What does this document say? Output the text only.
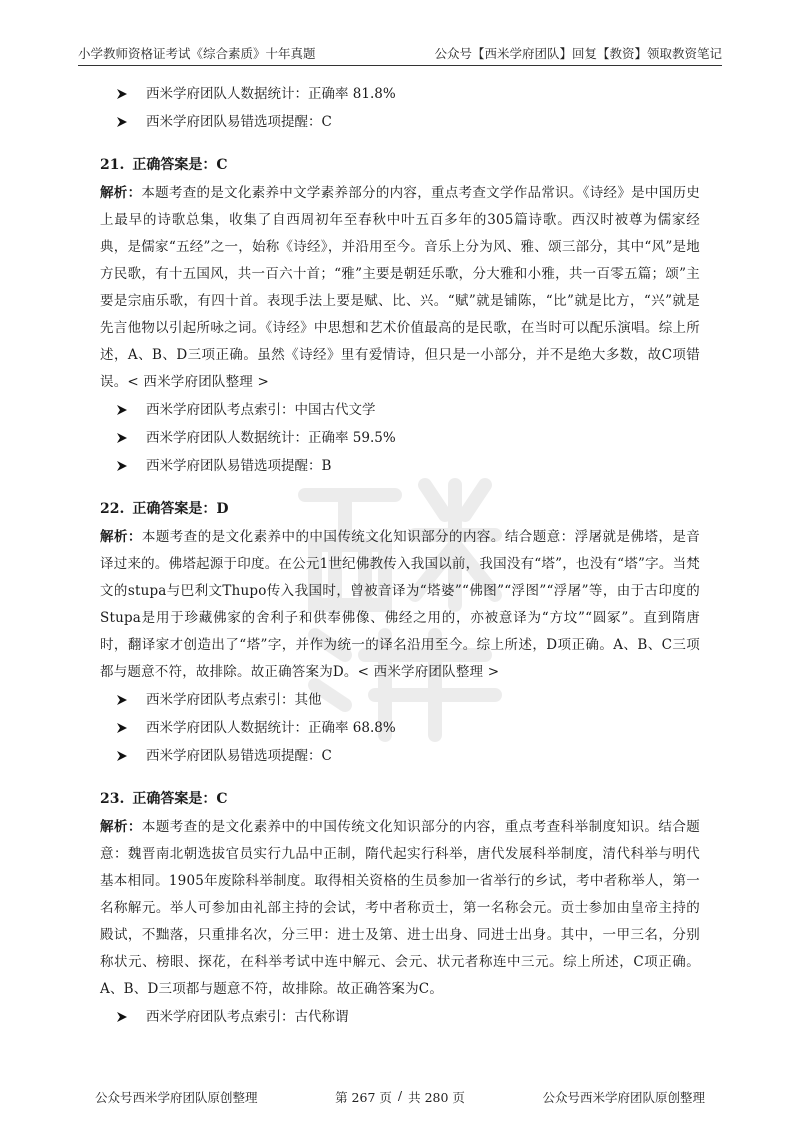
小学教师资格证考试《综合素质》十年真题	公众号【西米学府团队】回复【教资】领取教资笔记
西米学府团队人数据统计：正确率 81.8%
西米学府团队易错选项提醒：C
21. 正确答案是：C

解析：本题考查的是文化素养中文学素养部分的内容，重点考查文学作品常识。《诗经》是中国历史上最早的诗歌总集，收集了自西周初年至春秋中叶五百多年的305篇诗歌。西汉时被尊为儒家经典，是儒家“五经”之一，始称《诗经》，并沿用至今。音乐上分为风、雅、颂三部分，其中“风”是地方民歌，有十五国风，共一百六十首；“雅”主要是朝廷乐歌，分大雅和小雅，共一百零五篇；颂”主要是宗庙乐歌，有四十首。表现手法上要是赋、比、兴。“赋”就是铺陈，“比”就是比方，“兴”就是先言他物以引起所咏之词。《诗经》中思想和艺术价值最高的是民歌，在当时可以配乐演唱。综上所述，A、B、D三项正确。虽然《诗经》里有爱情诗，但只是一小部分，并不是绝大多数，故C项错误。< 西米学府团队整理 >

西米学府团队考点索引：中国古代文学
西米学府团队人数据统计：正确率 59.5%
西米学府团队易错选项提醒：B
22. 正确答案是：D

解析：本题考查的是文化素养中的中国传统文化知识部分的内容。结合题意：浮屠就是佛塔，是音译过来的。佛塔起源于印度。在公元1世纪佛教传入我国以前，我国没有“塔”，也没有“塔”字。当梵文的stupa与巴利文Thupo传入我国时，曾被音译为“塔婆”“佛图”“浮图”“浮屠”等，由于古印度的Stupa是用于珍藏佛家的舍利子和供奉佛像、佛经之用的，亦被意译为“方坟”“圆冢”。直到隋唐时，翻译家才创造出了“塔”字，并作为统一的译名沿用至今。综上所述，D项正确。A、B、C三项都与题意不符，故排除。故正确答案为D。< 西米学府团队整理 >

西米学府团队考点索引：其他
西米学府团队人数据统计：正确率 68.8%
西米学府团队易错选项提醒：C
23. 正确答案是：C

解析：本题考查的是文化素养中的中国传统文化知识部分的内容，重点考查科举制度知识。结合题意：魏晋南北朝选拔官员实行九品中正制，隋代起实行科举，唐代发展科举制度，清代科举与明代基本相同。1905年废除科举制度。取得相关资格的生员参加一省举行的乡试，考中者称举人，第一名称解元。举人可参加由礼部主持的会试，考中者称贡士，第一名称会元。贡士参加由皇帝主持的殿试，不黜落，只重排名次，分三甲：进士及第、进士出身、同进士出身。其中，一甲三名，分别称状元、榜眼、探花，在科举考试中连中解元、会元、状元者称连中三元。综上所述，C项正确。A、B、D三项都与题意不符，故排除。故正确答案为C。

西米学府团队考点索引：古代称谓
公众号西米学府团队原创整理	第 267 页 / 共 280 页	公众号西米学府团队原创整理
